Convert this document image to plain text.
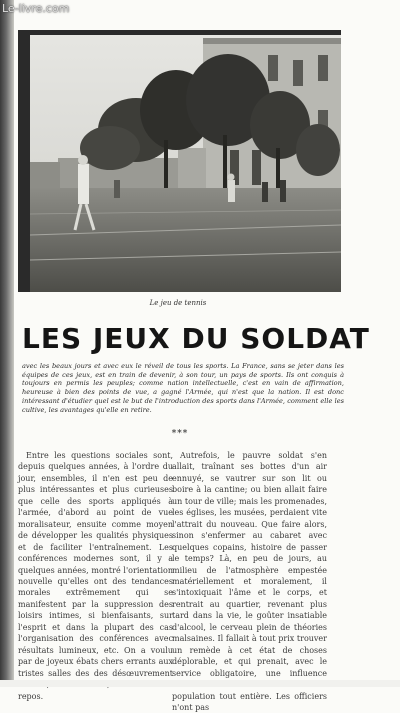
Le-livre.com
Le jeu de tennis
LES JEUX DU SOLDAT
avec les beaux jours et avec eux le réveil de tous les sports. La France, sans se jeter dans les équipes de ces jeux, est en train de devenir, à son tour, un pays de sports. Ils ont conquis à toujours en permis les peuples; comme nation intellectuelle, c'est en vain de affirmation, heureuse à bien des points de vue, a gagné l'Armée, qui n'est que la nation. Il est donc intéressant d'étudier quel est le but de l'introduction des sports dans l'Armée, comment elle les cultive, les avantages qu'elle en retire.
***
Entre les questions sociales sont, depuis quelques années, à l'ordre du jour, ensembles, il n'en est peu de plus intéressantes et plus curieuses que celle des sports appliqués à l'armée, d'abord au point de vue moralisateur, ensuite comme moyen de développer les qualités physiques et de faciliter l'entraînement. Les conférences modernes sont, il y a quelques années, montré l'orientation nouvelle qu'elles ont des tendances morales extrêmement qui se manifestent par la suppression des loisirs intimes, si bienfaisants, sur l'esprit et dans la plupart des cas l'organisation des conférences avec résultats lumineux, etc. On a voulu par de joyeux ébats chers errants aux tristes salles des des désœuvrement repos.
Autrefois, le pauvre soldat s'en allait, traînant ses bottes d'un air ennuyé, se vautrer sur son lit ou boire à la cantine; ou bien allait faire un tour de ville; mais les promenades, les églises, les musées, perdaient vite l'attrait du nouveau. Que faire alors, sinon s'enfermer au cabaret avec quelques copains, histoire de passer le temps? Là, en peu de jours, au milieu de l'atmosphère empestée matériellement et moralement, il s'intoxiquait l'âme et le corps, et rentrait au quartier, revenant plus tard dans la vie, le goûter insatiable d'alcool, le cerveau plein de théories malsaines. Il fallait à tout prix trouver un remède à cet état de choses déplorable, et qui prenait, avec le service obligatoire, une influence population tout entière. Les officiers n'ont pas
